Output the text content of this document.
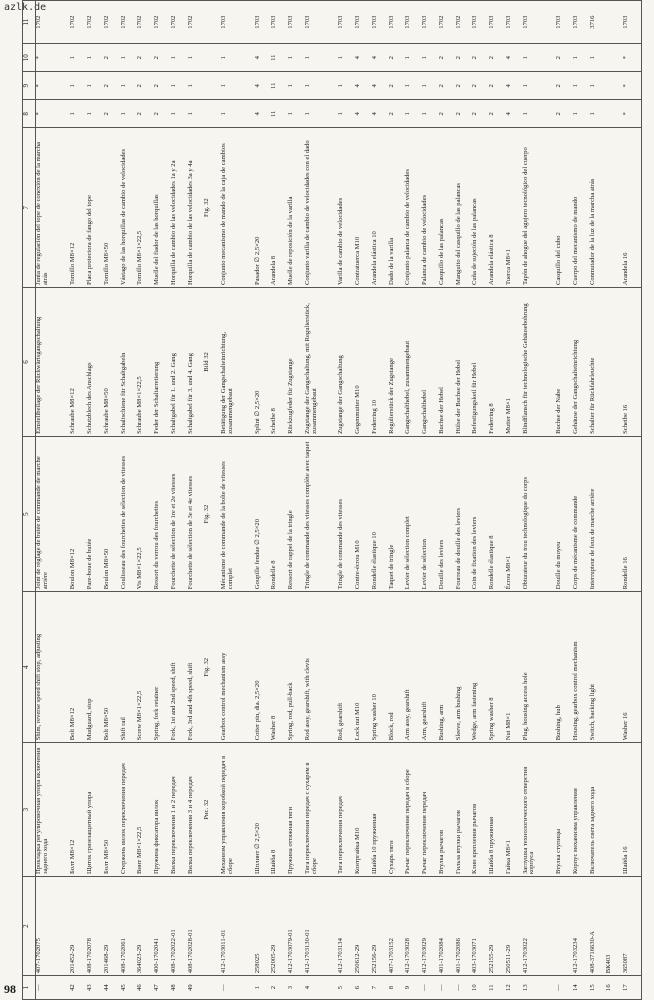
azlk.de
98 1	2	3	4	5	6	7	8	9	10	11
—	407-1702075	Прокладка регулировочная упора включения заднего хода	Shim, reverse speed shift stop, adjusting	Joint de réglage de butée de commande de marche arrière	Einstellbeilage der Rückwärtsgangschaltung	Junta de regulación del tope de conexión de la marcha atrás	*	*	*	1702
42	201452-29	Болт М8×12	Bolt M8×12	Boulon M8×12	Schraube M8×12	Tornillo M8×12	1	1	1	1702
43	408-1702078	Щиток грязезащитный упора	Mudguard, stop	Pare-boue de butée	Schutzblech des Anschlags	Placa protectora de fango del tope	1	1	1	1702
44	201468-29	Болт М8×50	Bolt M8×50	Boulon M8×50	Schraube M8×50	Tornillo M8×50	2	2	2	1702
45	408-1702061	Стержень вилок переключения передач	Shift rail	Coulisseau des fourchettes de sélection de vitesses	Schaltschiene für Schaltgabeln	Vástago de las horquillas de cambio de velocidades	1	1	1	1702
46	364023-29	Винт М8×1×22,5	Screw M8×1×22,5	Vis M8×1×22,5	Schraube M8×1×22,5	Tornillo M8×1×22,5	2	2	2	1702
47	400-1702041	Пружина фиксатора вилок	Spring, fork retainer	Ressort du verrou des fourchettes	Feder der Schaltarretierung	Muelle del fiador de las horquillas	2	2	2	1702
48	408-1702022-01	Вилка переключения 1 и 2 передач	Fork, 1st and 2nd speed, shift	Fourchette de sélection de 1re et 2e vitesses	Schaltgabel für 1. und 2. Gang	Horquilla de cambio de las velocidades 1a y 2a	1	1	1	1702
49	408-1702028-01	Вилка переключения 3 и 4 передач	Fork, 3rd and 4th speed, shift	Fourchette de sélection de 3e et 4e vitesses	Schaltgabel für 3. und 4. Gang	Horquilla de cambio de las velocidades 3a y 4a	1	1	1	1702
		Рис. 32	Fig. 32	Fig. 32	Bild 32	Fig. 32				
—	412-1703011-01	Механизм управления коробкой передач в сборе	Gearbox control mechanism assy	Mécanisme de commande de la boîte de vitesses complet	Betätigung der Gangschalteinrichtung, zusammengebaut	Conjunto mecanismo de mando de la caja de cambios	1	1	1	1703
1	258025	Шплинт ∅ 2,5×20	Cotter pin, dia. 2,5×20	Goupille fendue ∅ 2,5×20	Splint ∅ 2,5×20	Pasador ∅ 2,5×20	4	4	4	1703
2	252005-29	Шайба 8	Washer 8	Rondelle 8	Scheibe 8	Arandela 8	11	11	11	1703
3	412-1703079-01	Пружина оттяжная тяги	Spring, rod, pull-back	Ressort de rappel de la tringle	Rückzugfeder für Zugstange	Muelle de reposición de la varilla	1	1	1	1703
4	412-1703130-01	Тяга переключения передач с сухарем в сборе	Rod assy, gearshift, with clevis	Tringle de commande des vitesses complète avec taquet	Zugstange der Gangschaltung, mit Regulierstück, zusammengebaut	Conjunto varilla de cambio de velocidades con el dado	1	1	1	1703
5	412-1703134	Тяга переключения передач	Rod, gearshift	Tringle de commande des vitesses	Zugstange der Gangschaltung	Varilla de cambio de velocidades	1	1	1	1703
6	250612-29	Контргайка М10	Lock nut M10	Contre-écrou M10	Gegenmutter M10	Contratuerca M10	4	4	4	1703
7	252156-29	Шайба 10 пружинная	Spring washer 10	Rondelle élastique 10	Federring 10	Arandela elástica 10	4	4	4	1703
8	407-1703152	Сухарь тяги	Block, rod	Taquet de tringle	Regulierstück der Zugstange	Dado de la varilla	2	2	2	1703
9	412-1703028	Рычаг переключения передач в сборе	Arm assy, gearshift	Levier de sélection complet	Gangschalthebel, zusammengebaut	Conjunto palanca de cambio de velocidades	1	1	1	1703
—	412-1703029	Рычаг переключения передач	Arm, gearshift	Levier de sélection	Gangschalthebel	Palanca de cambio de velocidades	1	1	1	1703
—	401-1702084	Втулка рычагов	Bushing, arm	Douille des leviers	Buchse der Hebel	Casquillo de las palancas	2	2	2	1702
—	401-1702086	Гильза втулки рычагов	Sleeve, arm bushing	Fourreau de douille des leviers	Hülse der Buchse der Hebel	Manguito del casquillo de las palancas	2	2	2	1702
10	403-1703071	Клин крепления рычагов	Wedge, arm fastening	Coin de fixation des leviers	Befestigungskeil für Hebel	Cuña de sujeción de las palancas	2	2	2	1703
11	252155-29	Шайба 8 пружинная	Spring washer 8	Rondelle élastique 8	Federring 8	Arandela elástica 8	2	2	2	1703
12	250511-29	Гайка М8×1	Nut M8×1	Écrou M8×1	Mutter M8×1	Tuerca M8×1	4	4	4	1703
13	412-1703022	Заглушка технологического отверстия корпуса	Plug, housing access hole	Obturateur du trou technologique du corps	Blindflansch für technologische Gehäusebohrung	Tapón de ahogue del agujero tecnológico del cuerpo	1	1	1	1703
—		Втулка ступицы	Bushing, hub	Douille du moyeu	Buchse der Nabe	Casquillo del cubo	2	2	2	1703
14	412-1703234	Корпус механизма управления	Housing, gearbox control mechanism	Corps de mécanisme de commande	Gehäuse der Gangschalteinrichtung	Cuerpo del mecanismo de mando	1	1	1	1703
15	408-3716630-A	Включатель света заднего хода	Switch, backing light	Interrupteur de feux de marche arrière	Schalter für Rückfahrleuchte	Conmutador de la luz de la marcha atrás	1	1	1	3716
16	ВК403									
17	365087	Шайба 16	Washer 16	Rondelle 16	Scheibe 16	Arandela 16	*	*	*	1703
